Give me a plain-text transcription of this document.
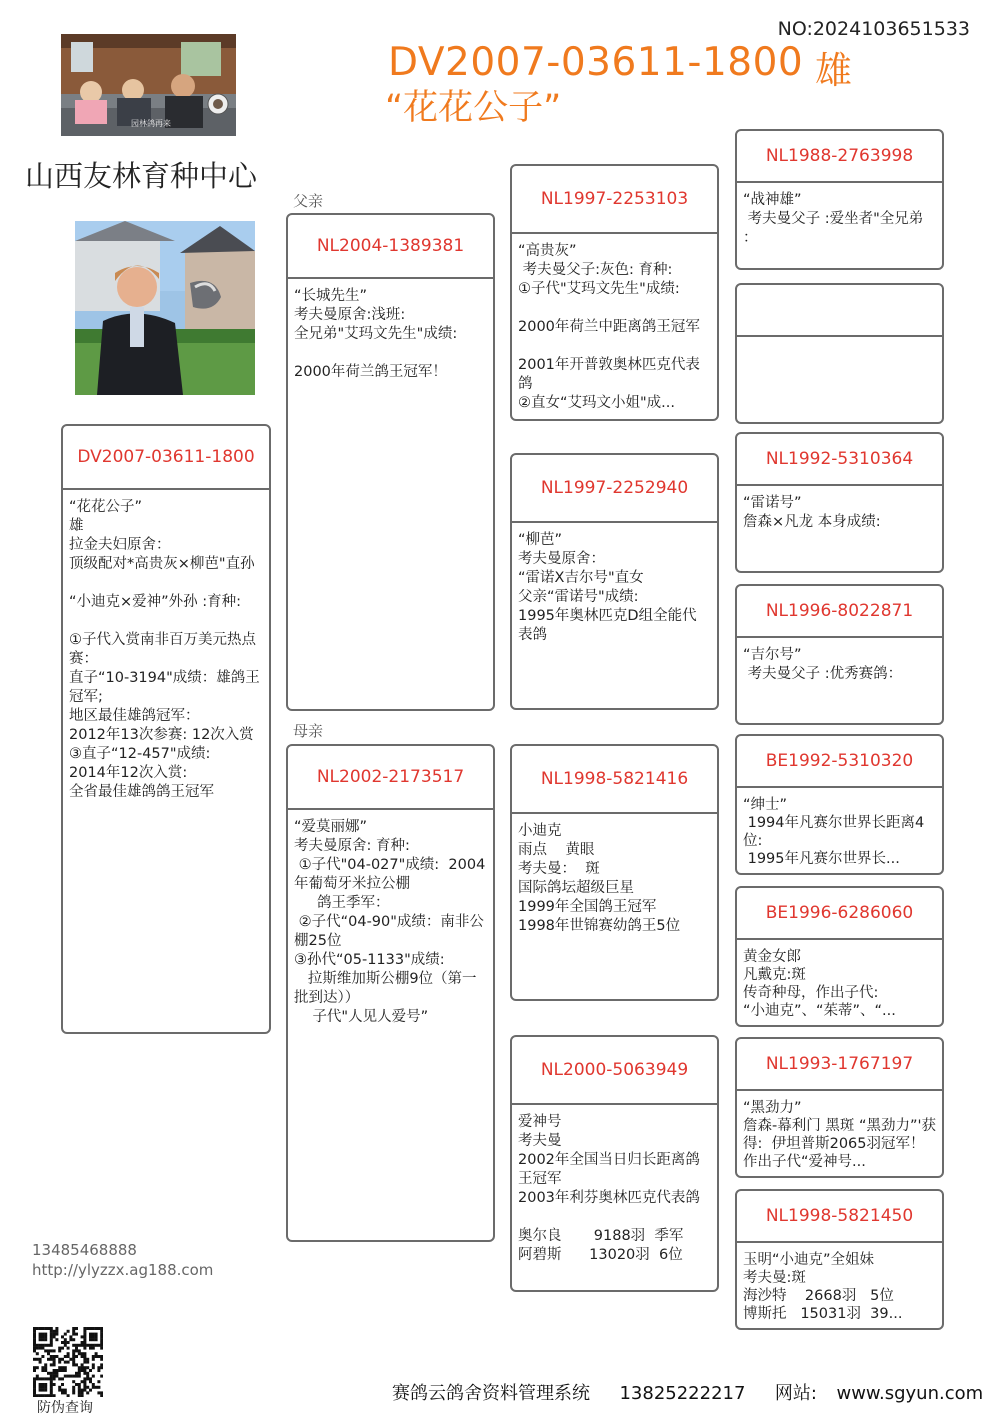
NO:2024103651533
DV2007-03611-1800 雄
“花花公子”
园林鸽再来
山西友林育种中心
父亲
母亲
DV2007-03611-1800
“花花公子”
雄
拉金夫妇原舍：
顶级配对*高贵灰×柳芭"直孙

“小迪克×爱神”外孙 :育种:

①子代入赏南非百万美元热点赛：
直子“10-3194"成绩：雄鸽王冠军;
地区最佳雄鸽冠军：
2012年13次参赛: 12次入赏
③直子“12-457"成绩:
2014年12次入赏:
全省最佳雄鸽鸽王冠军
NL2004-1389381
“长城先生”
考夫曼原舍:浅班:
全兄弟"艾玛文先生"成绩:

2000年荷兰鸽王冠军！
NL2002-2173517
“爱莫丽娜”
考夫曼原舍: 育种:
①子代"04-027"成绩:  2004年葡萄牙米拉公棚
鸽王季军：
②子代“04-90"成绩：南非公棚25位
③孙代“05-1133"成绩:
拉斯维加斯公棚9位（第一批到达））
子代"人见人爱号”
NL1997-2253103
“高贵灰”
考夫曼父子:灰色: 育种:
①子代"艾玛文先生"成绩:

2000年荷兰中距离鸽王冠军

2001年开普敦奥林匹克代表鸽
②直女“艾玛文小姐"成...
NL1997-2252940
“柳芭”
考夫曼原舍：
“雷诺X吉尔号"直女
父亲“雷诺号"成绩:
1995年奥林匹克D组全能代表鸽
NL1998-5821416
小迪克
雨点    黄眼
考夫曼：  斑
国际鸽坛超级巨星
1999年全国鸽王冠军
1998年世锦赛幼鸽王5位
NL2000-5063949
爱神号
考夫曼
2002年全国当日归长距离鸽王冠军
2003年利芬奥林匹克代表鸽

奥尔良       9188羽  季军
阿碧斯      13020羽  6位
NL1988-2763998
“战神雄”
考夫曼父子 :爱坐者"全兄弟
：
NL1992-5310364
“雷诺号”
詹森×凡龙 本身成绩:
NL1996-8022871
“吉尔号”
考夫曼父子 :优秀赛鸽：
BE1992-5310320
“绅士”
1994年凡赛尔世界长距离4位:
1995年凡赛尔世界长...
BE1996-6286060
黄金女郎
凡戴克:斑
传奇种母，作出子代:
“小迪克”、“茱蒂”、“...
NL1993-1767197
“黑劲力”
詹森-幕利门 黑斑 “黑劲力”'获得:  伊坦普斯2065羽冠军！ 作出子代“爱神号...
NL1998-5821450
玉明“小迪克”全姐妹
考夫曼:斑
海沙特    2668羽   5位
博斯托   15031羽  39...
13485468888
http://ylyzzx.ag188.com
防伪查询
赛鸽云鸽舍资料管理系统 13825222217 网站: www.sgyun.com
